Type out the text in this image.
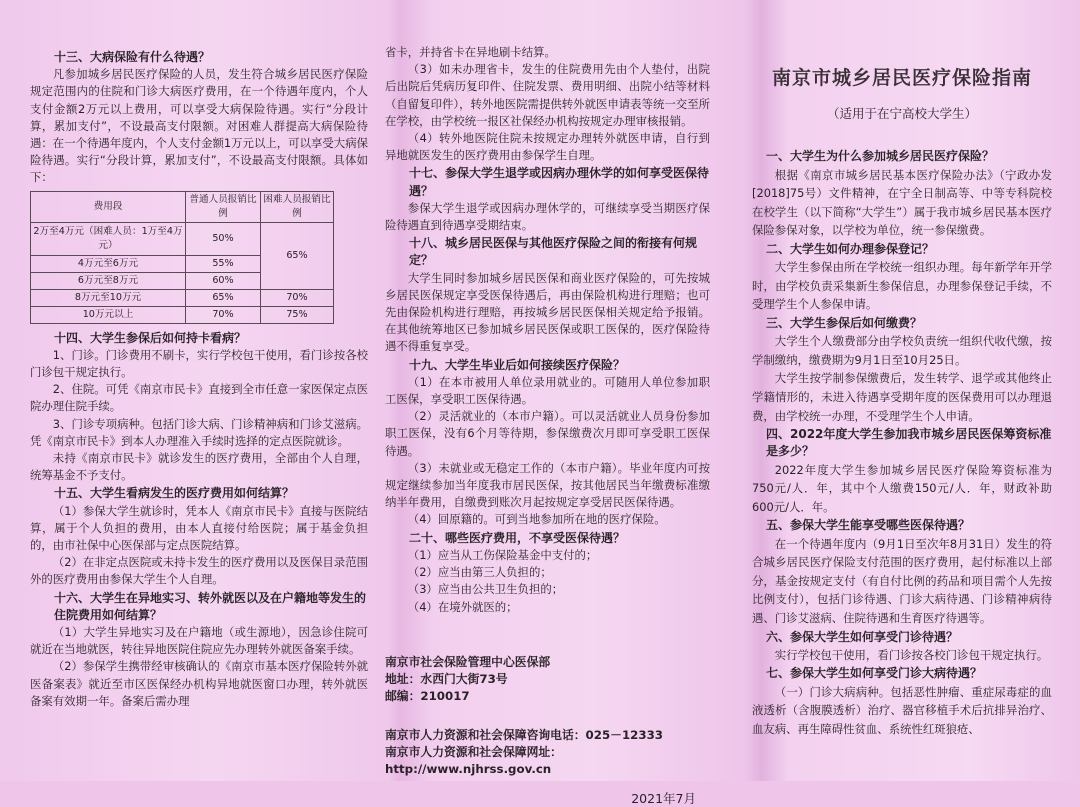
十三、大病保险有什么待遇？

凡参加城乡居民医疗保险的人员，发生符合城乡居民医疗保险规定范围内的住院和门诊大病医疗费用，在一个待遇年度内，个人支付金额2万元以上费用，可以享受大病保险待遇。实行“分段计算，累加支付”，不设最高支付限额。对困难人群提高大病保险待遇：在一个待遇年度内，个人支付金额1万元以上，可以享受大病保险待遇。实行“分段计算，累加支付”，不设最高支付限额。具体如下：

费用段	普通人员报销比例	困难人员报销比例
2万至4万元（困难人员：1万至4万元）	50%	65%
4万元至6万元	55%	
6万元至8万元	60%	
8万元至10万元	65%	70%
10万元以上	70%	75%
十四、大学生参保后如何持卡看病？

1、门诊。门诊费用不刷卡，实行学校包干使用，看门诊按各校门诊包干规定执行。

2、住院。可凭《南京市民卡》直接到全市任意一家医保定点医院办理住院手续。

3、门诊专项病种。包括门诊大病、门诊精神病和门诊艾滋病。凭《南京市民卡》到本人办理准入手续时选择的定点医院就诊。

未持《南京市民卡》就诊发生的医疗费用，全部由个人自理，统筹基金不予支付。

十五、大学生看病发生的医疗费用如何结算？

（1）参保大学生就诊时，凭本人《南京市民卡》直接与医院结算，属于个人负担的费用，由本人直接付给医院；属于基金负担的，由市社保中心医保部与定点医院结算。

（2）在非定点医院或未持卡发生的医疗费用以及医保目录范围外的医疗费用由参保大学生个人自理。

十六、大学生在异地实习、转外就医以及在户籍地等发生的住院费用如何结算？

（1）大学生异地实习及在户籍地（或生源地），因急诊住院可就近在当地就医，转往异地医院住院应先办理转外就医备案手续。

（2）参保学生携带经审核确认的《南京市基本医疗保险转外就医备案表》就近至市区医保经办机构异地就医窗口办理，转外就医备案有效期一年。备案后需办理

省卡，并持省卡在异地刷卡结算。

（3）如未办理省卡，发生的住院费用先由个人垫付，出院后出院后凭病历复印件、住院发票、费用明细、出院小结等材料（自留复印件），转外地医院需提供转外就医申请表等统一交至所在学校，由学校统一报区社保经办机构按规定办理审核报销。

（4）转外地医院住院未按规定办理转外就医申请，自行到异地就医发生的医疗费用由参保学生自理。

十七、参保大学生退学或因病办理休学的如何享受医保待遇？

参保大学生退学或因病办理休学的，可继续享受当期医疗保险待遇直到待遇享受期结束。

十八、城乡居民医保与其他医疗保险之间的衔接有何规定？

大学生同时参加城乡居民医保和商业医疗保险的，可先按城乡居民医保规定享受医保待遇后，再由保险机构进行理赔；也可先由保险机构进行理赔，再按城乡居民医保相关规定给予报销。在其他统筹地区已参加城乡居民医保或职工医保的，医疗保险待遇不得重复享受。

十九、大学生毕业后如何接续医疗保险？

（1）在本市被用人单位录用就业的。可随用人单位参加职工医保，享受职工医保待遇。

（2）灵活就业的（本市户籍）。可以灵活就业人员身份参加职工医保，没有6个月等待期，参保缴费次月即可享受职工医保待遇。

（3）未就业或无稳定工作的（本市户籍）。毕业年度内可按规定继续参加当年度我市居民医保，按其他居民当年缴费标准缴纳半年费用，自缴费到账次月起按规定享受居民医保待遇。

（4）回原籍的。可到当地参加所在地的医疗保险。

二十、哪些医疗费用，不享受医保待遇？

（1）应当从工伤保险基金中支付的；

（2）应当由第三人负担的；

（3）应当由公共卫生负担的；

（4）在境外就医的；

南京市社会保险管理中心医保部
地址：水西门大街73号
邮编：210017
南京市人力资源和社会保障咨询电话：025－12333
南京市人力资源和社会保障网址：http://www.njhrss.gov.cn
2021年7月
南京市城乡居民医疗保险指南
（适用于在宁高校大学生）
一、大学生为什么参加城乡居民医疗保险？

根据《南京市城乡居民基本医疗保险办法》（宁政办发[2018]75号）文件精神，在宁全日制高等、中等专科院校在校学生（以下简称“大学生”）属于我市城乡居民基本医疗保险参保对象，以学校为单位，统一参保缴费。

二、大学生如何办理参保登记？

大学生参保由所在学校统一组织办理。每年新学年开学时，由学校负责采集新生参保信息，办理参保登记手续，不受理学生个人参保申请。

三、大学生参保后如何缴费？

大学生个人缴费部分由学校负责统一组织代收代缴，按学制缴纳，缴费期为9月1日至10月25日。

大学生按学制参保缴费后，发生转学、退学或其他终止学籍情形的，未进入待遇享受期年度的医保费用可以办理退费，由学校统一办理，不受理学生个人申请。

四、2022年度大学生参加我市城乡居民医保筹资标准是多少？

2022年度大学生参加城乡居民医疗保险筹资标准为750元/人．年，其中个人缴费150元/人．年，财政补助600元/人．年。

五、参保大学生能享受哪些医保待遇？

在一个待遇年度内（9月1日至次年8月31日）发生的符合城乡居民医疗保险支付范围的医疗费用，起付标准以上部分，基金按规定支付（有自付比例的药品和项目需个人先按比例支付），包括门诊待遇、门诊大病待遇、门诊精神病待遇、门诊艾滋病、住院待遇和生育医疗待遇等。

六、参保大学生如何享受门诊待遇？

实行学校包干使用，看门诊按各校门诊包干规定执行。

七、参保大学生如何享受门诊大病待遇？

（一）门诊大病病种。包括恶性肿瘤、重症尿毒症的血液透析（含腹膜透析）治疗、器官移植手术后抗排异治疗、血友病、再生障碍性贫血、系统性红斑狼疮、
